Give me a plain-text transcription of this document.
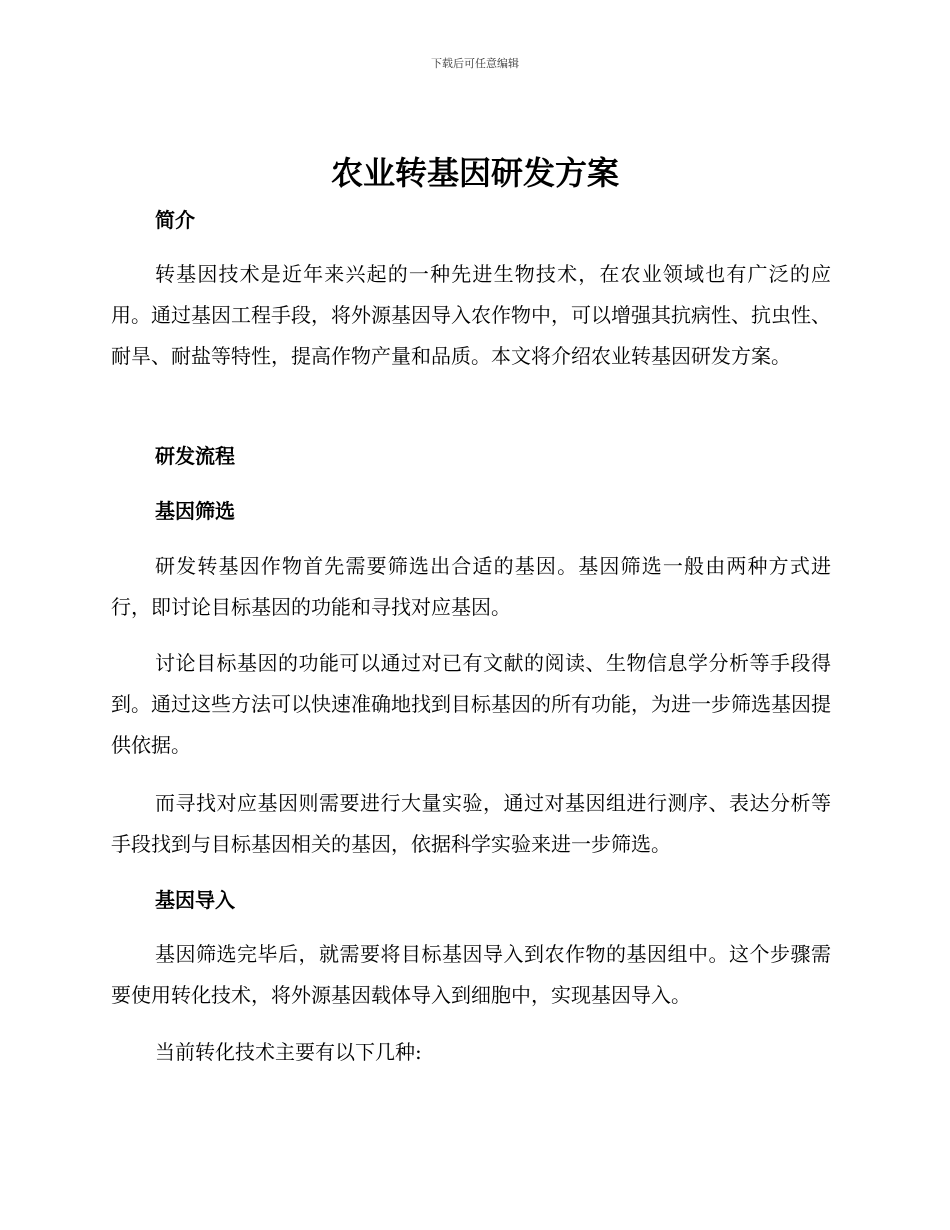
下载后可任意编辑
农业转基因研发方案
简介

转基因技术是近年来兴起的一种先进生物技术，在农业领域也有广泛的应用。通过基因工程手段，将外源基因导入农作物中，可以增强其抗病性、抗虫性、耐旱、耐盐等特性，提高作物产量和品质。本文将介绍农业转基因研发方案。

研发流程
基因筛选

研发转基因作物首先需要筛选出合适的基因。基因筛选一般由两种方式进行，即讨论目标基因的功能和寻找对应基因。

讨论目标基因的功能可以通过对已有文献的阅读、生物信息学分析等手段得到。通过这些方法可以快速准确地找到目标基因的所有功能，为进一步筛选基因提供依据。

而寻找对应基因则需要进行大量实验，通过对基因组进行测序、表达分析等手段找到与目标基因相关的基因，依据科学实验来进一步筛选。

基因导入

基因筛选完毕后，就需要将目标基因导入到农作物的基因组中。这个步骤需要使用转化技术，将外源基因载体导入到细胞中，实现基因导入。

当前转化技术主要有以下几种:
